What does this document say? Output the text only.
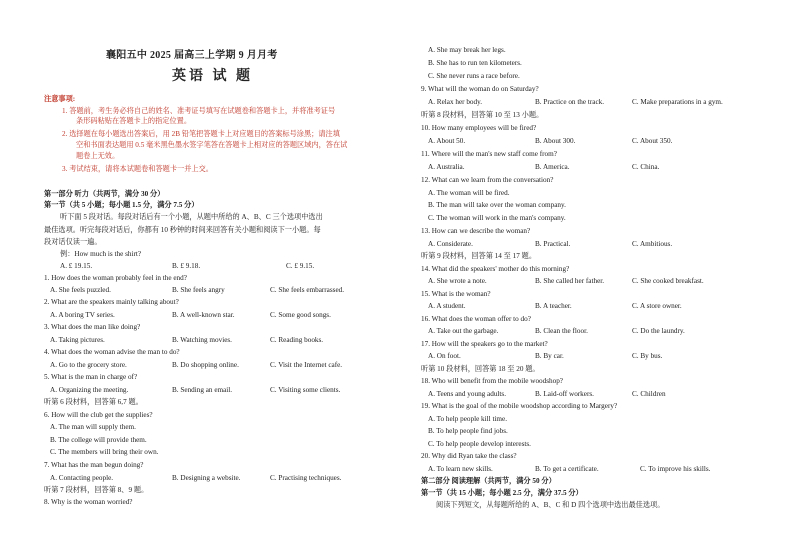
襄阳五中 2025 届高三上学期 9 月月考
英语 试 题
注意事项:
1. 答题前，考生务必将自己的姓名、准考证号填写在试题卷和答题卡上，并将准考证号
条形码粘贴在答题卡上的指定位置。
2. 选择题在每小题选出答案后，用 2B 铅笔把答题卡上对应题目的答案标号涂黑；请注填
空和书面表达题用 0.5 毫米黑色墨水签字笔答在答题卡上相对应的答题区域内，答在试
题卷上无效。
3. 考试结束，请将本试题卷和答题卡一并上交。
第一部分 听力（共两节，满分 30 分）
第一节（共 5 小题；每小题 1.5 分，满分 7.5 分）
听下面 5 段对话。每段对话后有一个小题，从题中所给的 A、B、C 三个选项中选出
最佳选项。听完每段对话后，你都有 10 秒钟的时间来回答有关小题和阅读下一小题。每
段对话仅读一遍。
例：How much is the shirt?
A. £ 19.15.	B. £ 9.18.	C. £ 9.15.
1. How does the woman probably feel in the end?
A. She feels puzzled.	B. She feels angry	C. She feels embarrassed.
2. What are the speakers mainly talking about?
A. A boring TV series.	B. A well-known star.	C. Some good songs.
3. What does the man like doing?
A. Taking pictures.	B. Watching movies.	C. Reading books.
4. What does the woman advise the man to do?
A. Go to the grocery store.	B. Do shopping online.	C. Visit the Internet cafe.
5. What is the man in charge of?
A. Organizing the meeting.	B. Sending an email.	C. Visiting some clients.
听第 6 段材料，回答第 6,7 题。
6. How will the club get the supplies?
A. The man will supply them.
B. The college will provide them.
C. The members will bring their own.
7. What has the man begun doing?
A. Contacting people.	B. Designing a website.	C. Practising techniques.
听第 7 段材料，回答第 8、9 题。
8. Why is the woman worried?
A. She may break her legs.
B. She has to run ten kilometers.
C. She never runs a race before.
9. What will the woman do on Saturday?
A. Relax her body.	B. Practice on the track.	C. Make preparations in a gym.
听第 8 段材料，回答第 10 至 13 小题。
10. How many employees will be fired?
A. About 50.	B. About 300.	C. About 350.
11. Where will the man's new staff come from?
A. Australia.	B. America.	C. China.
12. What can we learn from the conversation?
A. The woman will be fired.
B. The man will take over the woman company.
C. The woman will work in the man's company.
13. How can we describe the woman?
A. Considerate.	B. Practical.	C. Ambitious.
听第 9 段材料，回答第 14 至 17 题。
14. What did the speakers' mother do this morning?
A. She wrote a note.	B. She called her father.	C. She cooked breakfast.
15. What is the woman?
A. A student.	B. A teacher.	C. A store owner.
16. What does the woman offer to do?
A. Take out the garbage.	B. Clean the floor.	C. Do the laundry.
17. How will the speakers go to the market?
A. On foot.	B. By car.	C. By bus.
听第 10 段材料，回答第 18 至 20 题。
18. Who will benefit from the mobile woodshop?
A. Teens and young adults.	B. Laid-off workers.	C. Children
19. What is the goal of the mobile woodshop according to Margery?
A. To help people kill time.
B. To help people find jobs.
C. To help people develop interests.
20. Why did Ryan take the class?
A. To learn new skills.	B. To get a certificate.	C. To improve his skills.
第二部分 阅读理解（共两节，满分 50 分）
第一节（共 15 小题；每小题 2.5 分，满分 37.5 分）
阅读下列短文，从每题所给的 A、B、C 和 D 四个选项中选出最佳选项。
